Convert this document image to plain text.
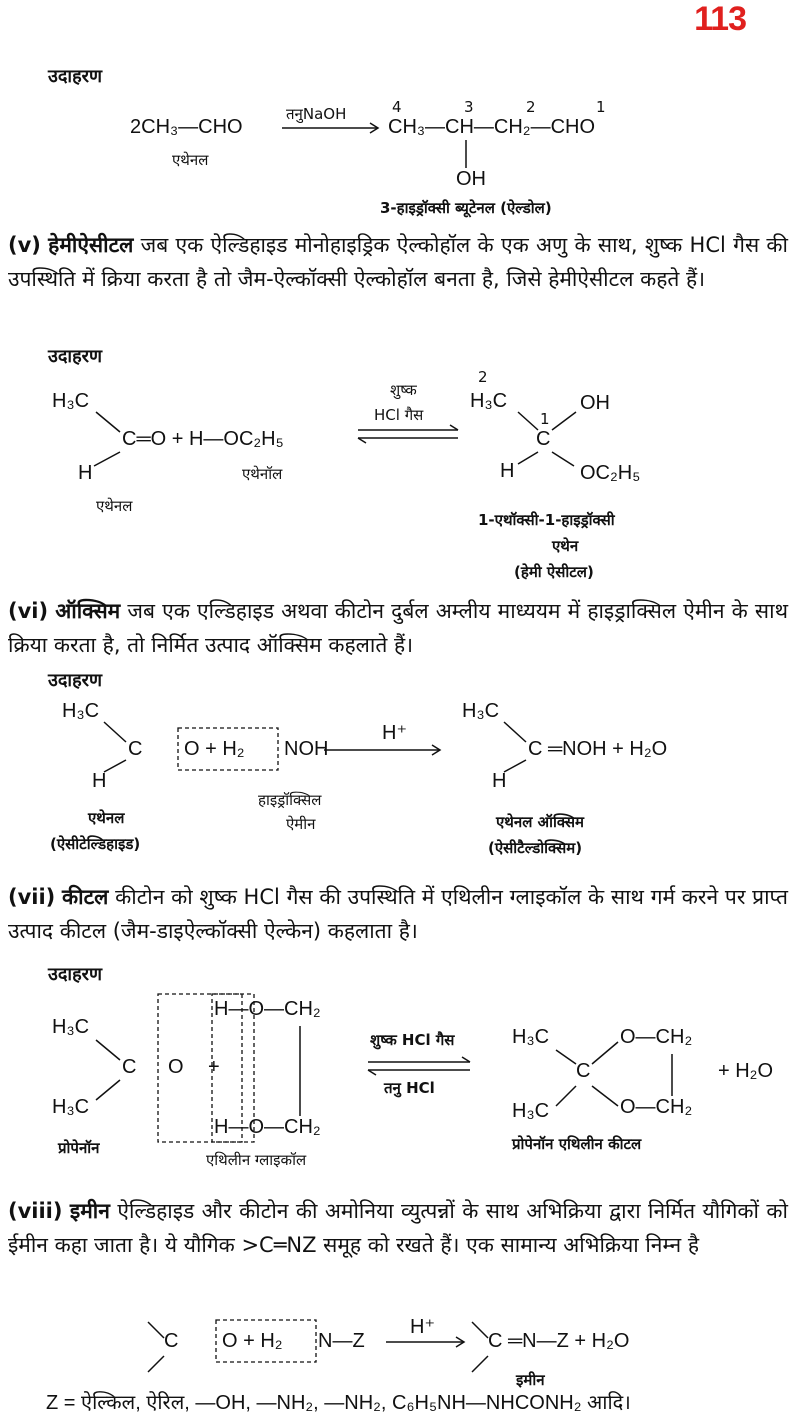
113
उदाहरण
2CH₃—CHO
एथेनल
तनुNaOH	4	3	2	1
CH₃—CH—CH₂—CHO
OH
3-हाइड्रॉक्सी ब्यूटेनल (ऐल्डोल)
(v) हेमीऐसीटल जब एक ऐल्डिहाइड मोनोहाइड्रिक ऐल्कोहॉल के एक अणु के साथ, शुष्क HCl गैस की उपस्थिति में क्रिया करता है तो जैम-ऐल्कॉक्सी ऐल्कोहॉल बनता है, जिसे हेमीऐसीटल कहते हैं।
उदाहरण
H₃C
C═O + H—OC₂H₅
H
एथेनल
एथेनॉल
शुष्क
HCl गैस
2
1
H₃C	OH
C
H	OC₂H₅
1-एथॉक्सी-1-हाइड्रॉक्सी
एथेन
(हेमी ऐसीटल)
(vi) ऑक्सिम जब एक एल्डिहाइड अथवा कीटोन दुर्बल अम्लीय माध्ययम में हाइड्राक्सिल ऐमीन के साथ क्रिया करता है, तो निर्मित उत्पाद ऑक्सिम कहलाते हैं।
उदाहरण
H₃C
C O + H₂ NOH
H
H⁺
H₃C
C ═NOH + H₂O
H
एथेनल
(ऐसीटेल्डिहाइड)
हाइड्रॉक्सिल
ऐमीन	एथेनल ऑक्सिम
(ऐसीटैल्डोक्सिम)
(vii) कीटल कीटोन को शुष्क HCl गैस की उपस्थिति में एथिलीन ग्लाइकॉल के साथ गर्म करने पर प्राप्त उत्पाद कीटल (जैम-डाइऐल्कॉक्सी ऐल्केन) कहलाता है।
उदाहरण
H₃C
C O +
H₃C
H—O—CH₂
H—O—CH₂
शुष्क HCl गैस
तनु HCl
H₃C
C
O—CH₂
O—CH₂
H₃C
+ H₂O
प्रोपेनॉन
एथिलीन ग्लाइकॉल
प्रोपेनॉन एथिलीन कीटल
(viii) इमीन ऐल्डिहाइड और कीटोन की अमोनिया व्युत्पन्नों के साथ अभिक्रिया द्वारा निर्मित यौगिकों को ईमीन कहा जाता है। ये यौगिक >C═NZ समूह को रखते हैं। एक सामान्य अभिक्रिया निम्न है
C O + H₂ N—Z
H⁺
C ═N—Z + H₂O
इमीन
Z = ऐल्किल, ऐरिल, —OH, —NH₂, —NH₂, C₆H₅NH—NHCONH₂ आदि।
